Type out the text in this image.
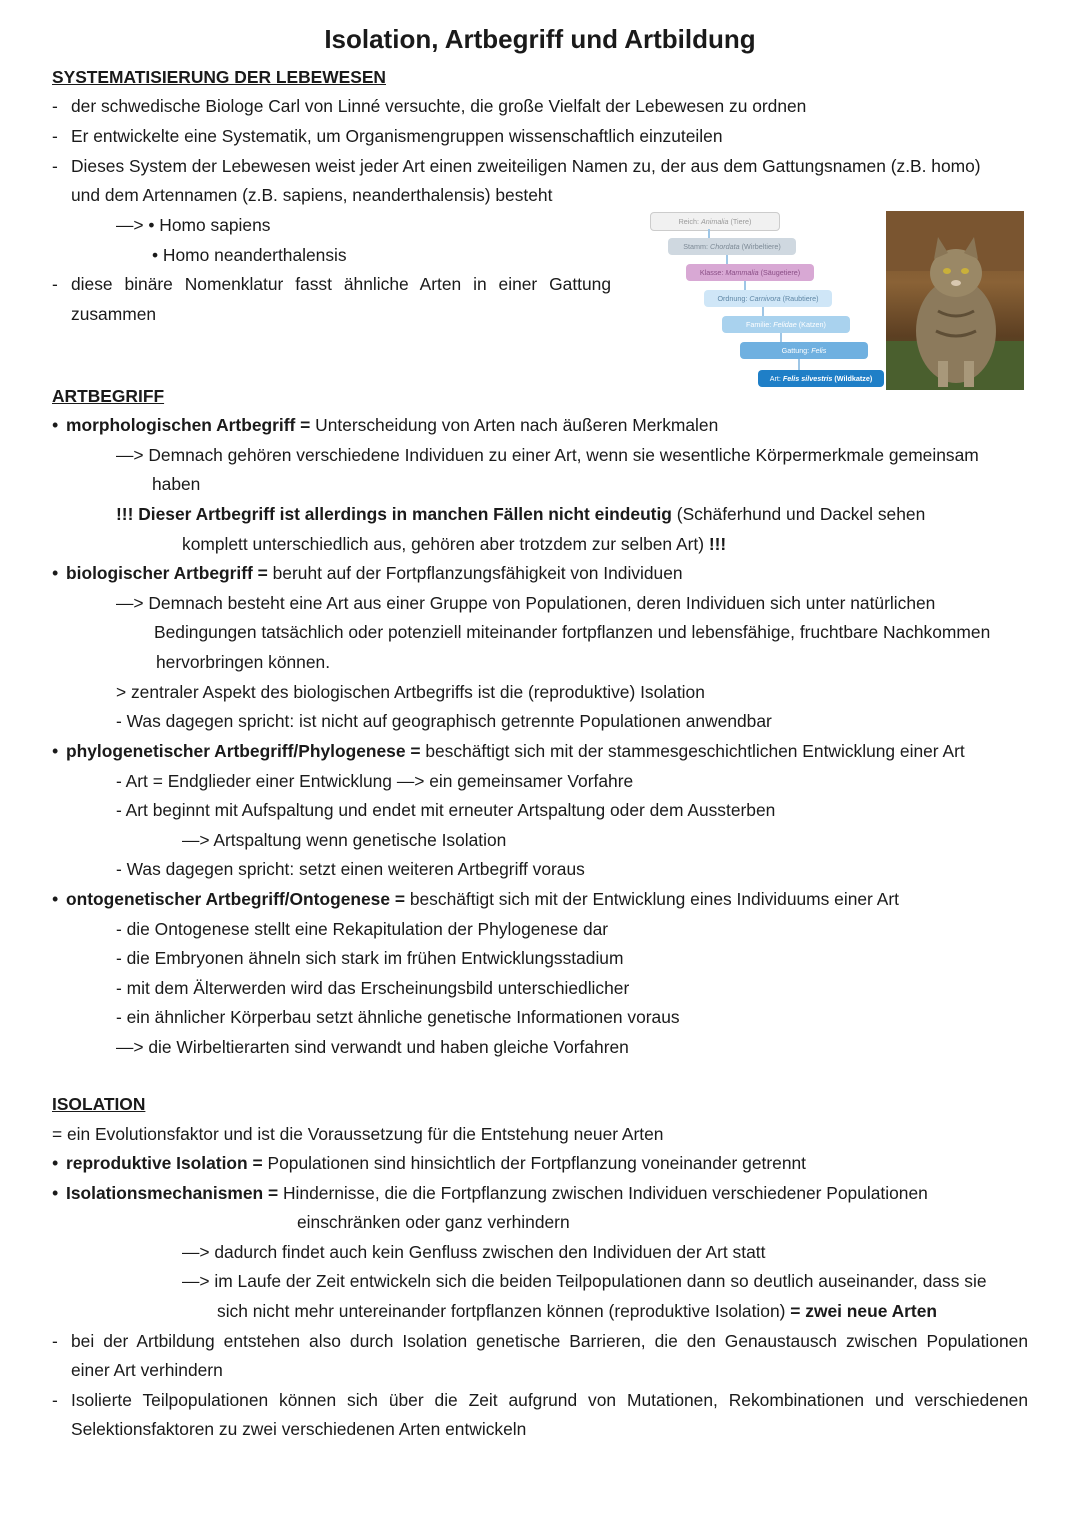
Isolation, Artbegriff und Artbildung
SYSTEMATISIERUNG DER LEBEWESEN
- der schwedische Biologe Carl von Linné versuchte, die große Vielfalt der Lebewesen zu ordnen
- Er entwickelte eine Systematik, um Organismengruppen wissenschaftlich einzuteilen
- Dieses System der Lebewesen weist jeder Art einen zweiteiligen Namen zu, der aus dem Gattungsnamen (z.B. homo)
und dem Artennamen (z.B. sapiens, neanderthalensis) besteht
—> • Homo sapiens
• Homo neanderthalensis
- diese binäre Nomenklatur fasst ähnliche Arten in einer Gattung
zusammen
Reich: Animalia (Tiere)
Stamm: Chordata (Wirbeltiere)
Klasse: Mammalia (Säugetiere)
Ordnung: Carnivora (Raubtiere)
Familie: Felidae (Katzen)
Gattung: Felis
Art: Felis silvestris (Wildkatze)
ARTBEGRIFF
• morphologischen Artbegriff = Unterscheidung von Arten nach äußeren Merkmalen
—> Demnach gehören verschiedene Individuen zu einer Art, wenn sie wesentliche Körpermerkmale gemeinsam
haben
!!! Dieser Artbegriff ist allerdings in manchen Fällen nicht eindeutig (Schäferhund und Dackel sehen
komplett unterschiedlich aus, gehören aber trotzdem zur selben Art) !!!
• biologischer Artbegriff = beruht auf der Fortpflanzungsfähigkeit von Individuen
—> Demnach besteht eine Art aus einer Gruppe von Populationen, deren Individuen sich unter natürlichen
Bedingungen tatsächlich oder potenziell miteinander fortpflanzen und lebensfähige, fruchtbare Nachkommen
hervorbringen können.
> zentraler Aspekt des biologischen Artbegriffs ist die (reproduktive) Isolation
- Was dagegen spricht: ist nicht auf geographisch getrennte Populationen anwendbar
• phylogenetischer Artbegriff/Phylogenese = beschäftigt sich mit der stammesgeschichtlichen Entwicklung einer Art
- Art = Endglieder einer Entwicklung —> ein gemeinsamer Vorfahre
- Art beginnt mit Aufspaltung und endet mit erneuter Artspaltung oder dem Aussterben
—> Artspaltung wenn genetische Isolation
- Was dagegen spricht: setzt einen weiteren Artbegriff voraus
• ontogenetischer Artbegriff/Ontogenese = beschäftigt sich mit der Entwicklung eines Individuums einer Art
- die Ontogenese stellt eine Rekapitulation der Phylogenese dar
- die Embryonen ähneln sich stark im frühen Entwicklungsstadium
- mit dem Älterwerden wird das Erscheinungsbild unterschiedlicher
- ein ähnlicher Körperbau setzt ähnliche genetische Informationen voraus
—> die Wirbeltierarten sind verwandt und haben gleiche Vorfahren
ISOLATION
= ein Evolutionsfaktor und ist die Voraussetzung für die Entstehung neuer Arten
• reproduktive Isolation = Populationen sind hinsichtlich der Fortpflanzung voneinander getrennt
• Isolationsmechanismen = Hindernisse, die die Fortpflanzung zwischen Individuen verschiedener Populationen
einschränken oder ganz verhindern
—> dadurch findet auch kein Genfluss zwischen den Individuen der Art statt
—> im Laufe der Zeit entwickeln sich die beiden Teilpopulationen dann so deutlich auseinander, dass sie
sich nicht mehr untereinander fortpflanzen können (reproduktive Isolation) = zwei neue Arten
- bei der Artbildung entstehen also durch Isolation genetische Barrieren, die den Genaustausch zwischen Populationen
einer Art verhindern
- Isolierte Teilpopulationen können sich über die Zeit aufgrund von Mutationen, Rekombinationen und verschiedenen
Selektionsfaktoren zu zwei verschiedenen Arten entwickeln
